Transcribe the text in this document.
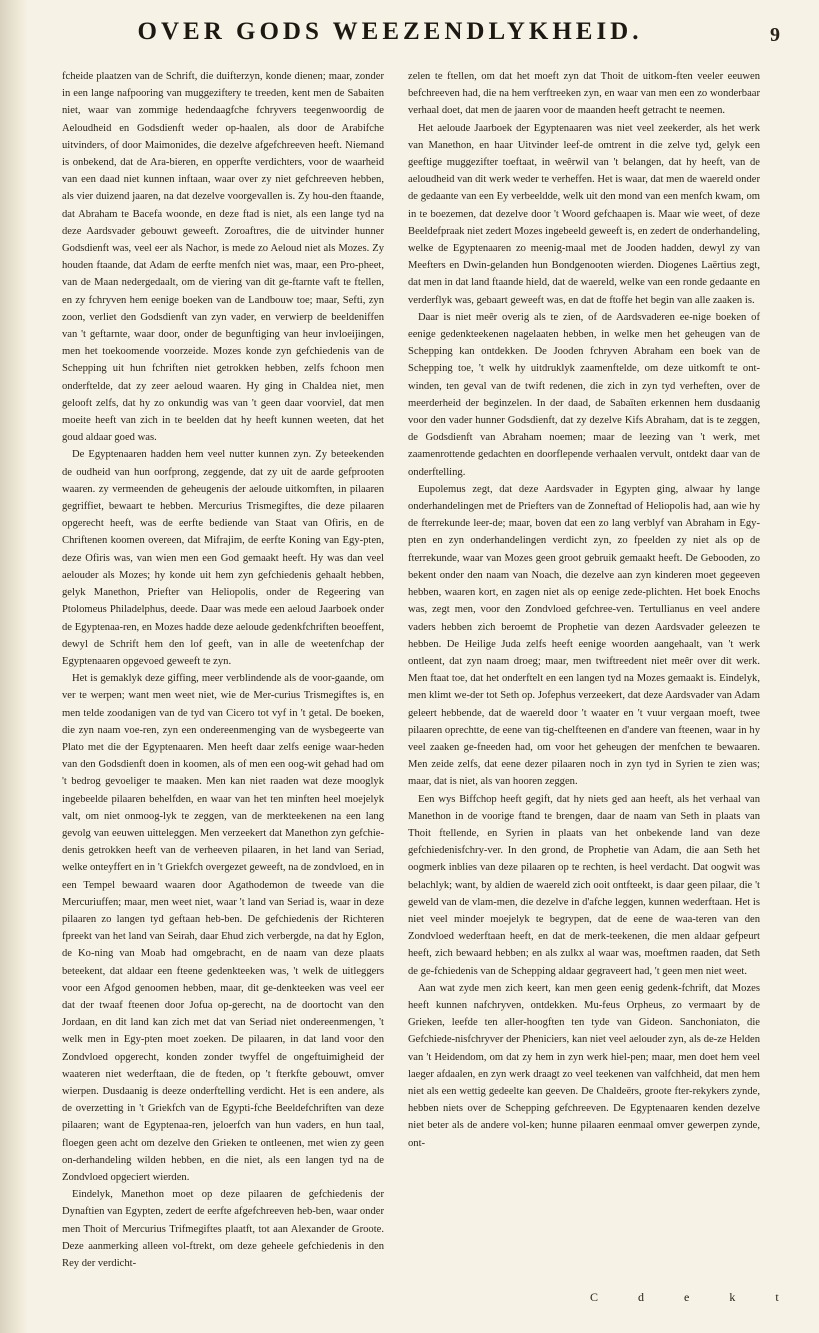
OVER GODS WEEZENDLYKHEID.	9

fcheide plaatzen van de Schrift, die duifterzyn, konde dienen; maar, zonder in een lange nafpooring van muggeziftery te treeden, kent men de Sabaiten niet, waar van zommige hedendaagfche fchryvers teegenwoordig de Aeloudheid en Godsdienft weder op-haalen, als door de Arabifche uitvinders, of door Maimonides, die dezelve afgefchreeven heeft. Niemand is onbekend, dat de Ara-bieren, en opperfte verdichters, voor de waarheid van een daad niet kunnen inftaan, waar over zy niet gefchreeven hebben, als vier duizend jaaren, na dat dezelve voorgevallen is. Zy hou-den ftaande, dat Abraham te Bacefa woonde, en deze ftad is niet, als een lange tyd na deze Aardsvader gebouwt geweeft. Zoroaftres, die de uitvinder hunner Godsdienft was, veel eer als Nachor, is mede zo Aeloud niet als Mozes. Zy houden ftaande, dat Adam de eerfte menfch niet was, maar, een Pro-pheet, van de Maan nedergedaalt, om de viering van dit ge-ftarnte vaft te ftellen, en zy fchryven hem eenige boeken van de Landbouw toe; maar, Sefti, zyn zoon, verliet den Godsdienft van zyn vader, en verwierp de beeldeniffen van 't geftarnte, waar door, onder de begunftiging van heur invloeijingen, men het toekoomende voorzeide. Mozes konde zyn gefchiedenis van de Schepping uit hun fchriften niet getrokken hebben, zelfs fchoon men onderftelde, dat zy zeer aeloud waaren. Hy ging in Chaldea niet, men gelooft zelfs, dat hy zo onkundig was van 't geen daar voorviel, dat men moeite heeft van zich in te beelden dat hy heeft kunnen weeten, dat het goud aldaar goed was.

De Egyptenaaren hadden hem veel nutter kunnen zyn. Zy beteekenden de oudheid van hun oorfprong, zeggende, dat zy uit de aarde gefprooten waaren. zy vermeenden de geheugenis der aeloude uitkomften, in pilaaren gegriffiet, bewaart te hebben. Mercurius Trismegiftes, die deze pilaaren opgerecht heeft, was de eerfte bediende van Staat van Ofiris, en de Chriftenen koomen overeen, dat Mifrajim, de eerfte Koning van Egy-pten, deze Ofiris was, van wien men een God gemaakt heeft. Hy was dan veel aelouder als Mozes; hy konde uit hem zyn gefchiedenis gehaalt hebben, gelyk Manethon, Priefter van Heliopolis, onder de Regeering van Ptolomeus Philadelphus, deede. Daar was mede een aeloud Jaarboek onder de Egyptenaa-ren, en Mozes hadde deze aeloude gedenkfchriften beoeffent, dewyl de Schrift hem den lof geeft, van in alle de weetenfchap der Egyptenaaren opgevoed geweeft te zyn.

Het is gemaklyk deze giffing, meer verblindende als de voor-gaande, om ver te werpen; want men weet niet, wie de Mer-curius Trismegiftes is, en men telde zoodanigen van de tyd van Cicero tot vyf in 't getal. De boeken, die zyn naam voe-ren, zyn een ondereenmenging van de wysbegeerte van Plato met die der Egyptenaaren. Men heeft daar zelfs eenige waar-heden van den Godsdienft doen in koomen, als of men een oog-wit gehad had om 't bedrog gevoeliger te maaken. Men kan niet raaden wat deze mooglyk ingebeelde pilaaren behelfden, en waar van het ten minften heel moejelyk valt, om niet onmoog-lyk te zeggen, van de merkteekenen na een lang gevolg van eeuwen uitteleggen. Men verzeekert dat Manethon zyn gefchie-denis getrokken heeft van de verheeven pilaaren, in het land van Seriad, welke onteyffert en in 't Griekfch overgezet geweeft, na de zondvloed, en in een Tempel bewaard waaren door Agathodemon de tweede van die Mercuriuffen; maar, men weet niet, waar 't land van Seriad is, waar in deze pilaaren zo langen tyd geftaan heb-ben. De gefchiedenis der Richteren fpreekt van het land van Seirah, daar Ehud zich verbergde, na dat hy Eglon, de Ko-ning van Moab had omgebracht, en de naam van deze plaats beteekent, dat aldaar een fteene gedenkteeken was, 't welk de uitleggers voor een Afgod genoomen hebben, maar, dit ge-denkteeken was veel eer dat der twaaf fteenen door Jofua op-gerecht, na de doortocht van den Jordaan, en dit land kan zich met dat van Seriad niet ondereenmengen, 't welk men in Egy-pten moet zoeken. De pilaaren, in dat land voor den Zondvloed opgerecht, konden zonder twyffel de ongeftuimigheid der waateren niet wederftaan, die de fteden, op 't fterkfte gebouwt, omver wierpen. Dusdaanig is deeze onderftelling verdicht. Het is een andere, als de overzetting in 't Griekfch van de Egypti-fche Beeldefchriften van deze pilaaren; want de Egyptenaa-ren, jeloerfch van hun vaders, en hun taal, floegen geen acht om dezelve den Grieken te ontleenen, met wien zy geen on-derhandeling wilden hebben, en die niet, als een langen tyd na de Zondvloed opgeciert wierden.

Eindelyk, Manethon moet op deze pilaaren de gefchiedenis der Dynaftien van Egypten, zedert de eerfte afgefchreeven heb-ben, waar onder men Thoit of Mercurius Trifmegiftes plaatft, tot aan Alexander de Groote. Deze aanmerking alleen vol-ftrekt, om deze geheele gefchiedenis in den Rey der verdicht-

zelen te ftellen, om dat het moeft zyn dat Thoit de uitkom-ften veeler eeuwen befchreeven had, die na hem verftreeken zyn, en waar van men een zo wonderbaar verhaal doet, dat men de jaaren voor de maanden heeft getracht te neemen.

Het aeloude Jaarboek der Egyptenaaren was niet veel zeekerder, als het werk van Manethon, en haar Uitvinder leef-de omtrent in die zelve tyd, gelyk een geeftige muggezifter toeftaat, in weêrwil van 't belangen, dat hy heeft, van de aeloudheid van dit werk weder te verheffen. Het is waar, dat men de waereld onder de gedaante van een Ey verbeeldde, welk uit den mond van een menfch kwam, om in te boezemen, dat dezelve door 't Woord gefchaapen is. Maar wie weet, of deze Beeldefpraak niet zedert Mozes ingebeeld geweeft is, en zedert de onderhandeling, welke de Egyptenaaren zo meenig-maal met de Jooden hadden, dewyl zy van Meefters en Dwin-gelanden hun Bondgenooten wierden. Diogenes Laërtius zegt, dat men in dat land ftaande hield, dat de waereld, welke van een ronde gedaante en verderflyk was, gebaart geweeft was, en dat de ftoffe het begin van alle zaaken is.

Daar is niet meêr overig als te zien, of de Aardsvaderen ee-nige boeken of eenige gedenkteekenen nagelaaten hebben, in welke men het geheugen van de Schepping kan ontdekken. De Jooden fchryven Abraham een boek van de Schepping toe, 't welk hy uitdruklyk zaamenftelde, om deze uitkomft te ont-winden, ten geval van de twift redenen, die zich in zyn tyd verheften, over de meerderheid der beginzelen. In der daad, de Sabaïten erkennen hem dusdaanig voor den vader hunner Godsdienft, dat zy dezelve Kifs Abraham, dat is te zeggen, de Godsdienft van Abraham noemen; maar de leezing van 't werk, met zaamenrottende gedachten en doorflepende verhaalen vervult, ontdekt daar van de onderftelling.

Eupolemus zegt, dat deze Aardsvader in Egypten ging, alwaar hy lange onderhandelingen met de Priefters van de Zonneftad of Heliopolis had, aan wie hy de fterrekunde leer-de; maar, boven dat een zo lang verblyf van Abraham in Egy-pten en zyn onderhandelingen verdicht zyn, zo fpeelden zy niet als op de fterrekunde, waar van Mozes geen groot gebruik gemaakt heeft. De Gebooden, zo bekent onder den naam van Noach, die dezelve aan zyn kinderen moet gegeeven hebben, waaren kort, en zagen niet als op eenige zede-plichten. Het boek Enochs was, zegt men, voor den Zondvloed gefchree-ven. Tertullianus en veel andere vaders hebben zich beroemt de Prophetie van dezen Aardsvader geleezen te hebben. De Heilige Juda zelfs heeft eenige woorden aangehaalt, van 't werk ontleent, dat zyn naam droeg; maar, men twiftreedent niet meêr over dit werk. Men ftaat toe, dat het onderftelt en een langen tyd na Mozes gemaakt is. Eindelyk, men klimt we-der tot Seth op. Jofephus verzeekert, dat deze Aardsvader van Adam geleert hebbende, dat de waereld door 't waater en 't vuur vergaan moeft, twee pilaaren oprechtte, de eene van tig-chelfteenen en d'andere van fteenen, waar in hy veel zaaken ge-fneeden had, om voor het geheugen der menfchen te bewaaren. Men zeide zelfs, dat eene dezer pilaaren noch in zyn tyd in Syrien te zien was; maar, dat is niet, als van hooren zeggen.

Een wys Biffchop heeft gegift, dat hy niets ged aan heeft, als het verhaal van Manethon in de voorige ftand te brengen, daar de naam van Seth in plaats van Thoit ftellende, en Syrien in plaats van het onbekende land van deze gefchiedenisfchry-ver. In den grond, de Prophetie van Adam, die aan Seth het oogmerk inblies van deze pilaaren op te rechten, is heel verdacht. Dat oogwit was belachlyk; want, by aldien de waereld zich ooit ontfteekt, is daar geen pilaar, die 't geweld van de vlam-men, die dezelve in d'afche leggen, kunnen wederftaan. Het is niet veel minder moejelyk te begrypen, dat de eene de waa-teren van den Zondvloed wederftaan heeft, en dat de merk-teekenen, die men aldaar gefpeurt heeft, zich bewaard hebben; en als zulkx al waar was, moeftmen raaden, dat Seth de ge-fchiedenis van de Schepping aldaar gegraveert had, 't geen men niet weet.

Aan wat zyde men zich keert, kan men geen eenig gedenk-fchrift, dat Mozes heeft kunnen nafchryven, ontdekken. Mu-feus Orpheus, zo vermaart by de Grieken, leefde ten aller-hoogften ten tyde van Gideon. Sanchoniaton, die Gefchiede-nisfchryver der Pheniciers, kan niet veel aelouder zyn, als de-ze Helden van 't Heidendom, om dat zy hem in zyn werk hiel-pen; maar, men doet hem veel laeger afdaalen, en zyn werk draagt zo veel teekenen van valfchheid, dat men hem niet als een wettig gedeelte kan geeven. De Chaldeërs, groote fter-rekykers zynde, hebben niets over de Schepping gefchreeven. De Egyptenaaren kenden dezelve niet beter als de andere vol-ken; hunne pilaaren eenmaal omver gewerpen zynde, ont-

Cdekt
